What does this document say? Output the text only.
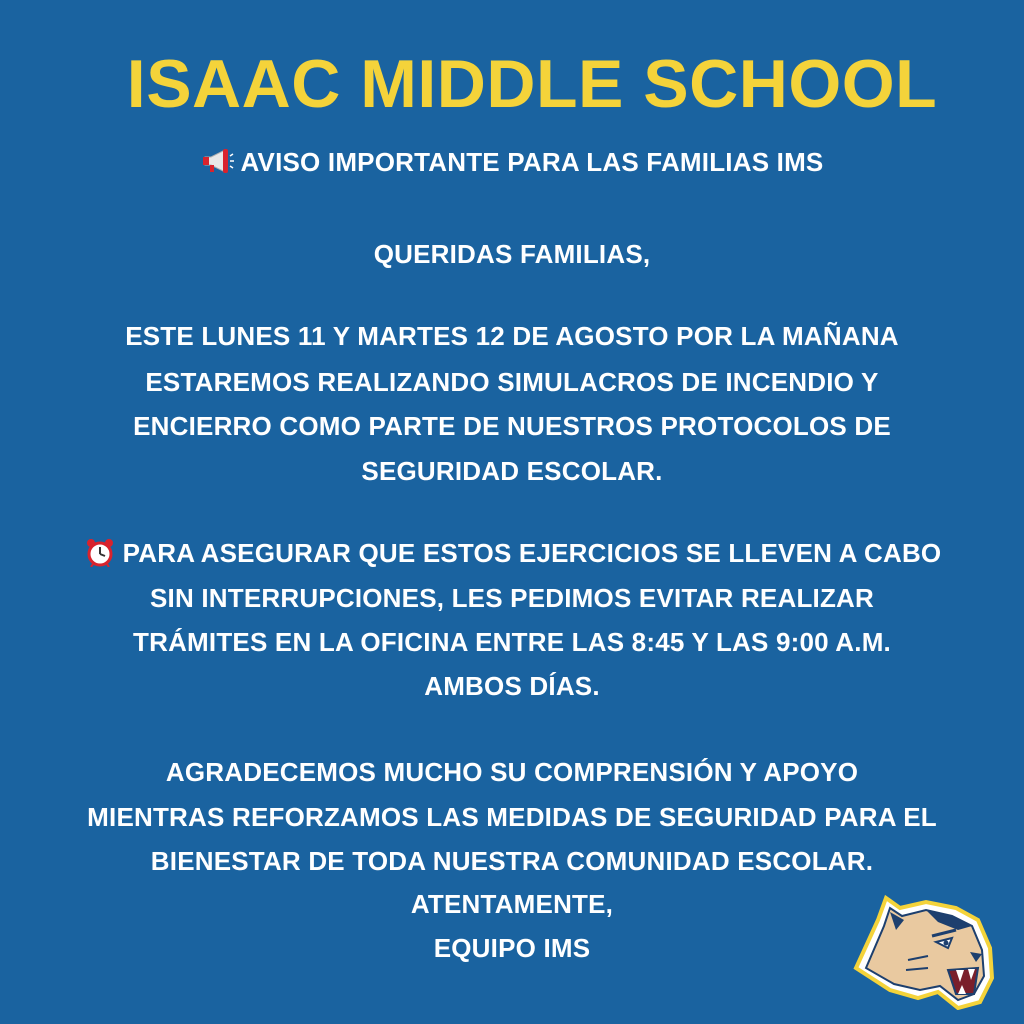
ISAAC MIDDLE SCHOOL
AVISO IMPORTANTE PARA LAS FAMILIAS IMS
QUERIDAS FAMILIAS,
ESTE LUNES 11 Y MARTES 12 DE AGOSTO POR LA MAÑANA
ESTAREMOS REALIZANDO SIMULACROS DE INCENDIO Y
ENCIERRO COMO PARTE DE NUESTROS PROTOCOLOS DE
SEGURIDAD ESCOLAR.
PARA ASEGURAR QUE ESTOS EJERCICIOS SE LLEVEN A CABO
SIN INTERRUPCIONES, LES PEDIMOS EVITAR REALIZAR
TRÁMITES EN LA OFICINA ENTRE LAS 8:45 Y LAS 9:00 A.M.
AMBOS DÍAS.
AGRADECEMOS MUCHO SU COMPRENSIÓN Y APOYO
MIENTRAS REFORZAMOS LAS MEDIDAS DE SEGURIDAD PARA EL
BIENESTAR DE TODA NUESTRA COMUNIDAD ESCOLAR.
ATENTAMENTE,
EQUIPO IMS
